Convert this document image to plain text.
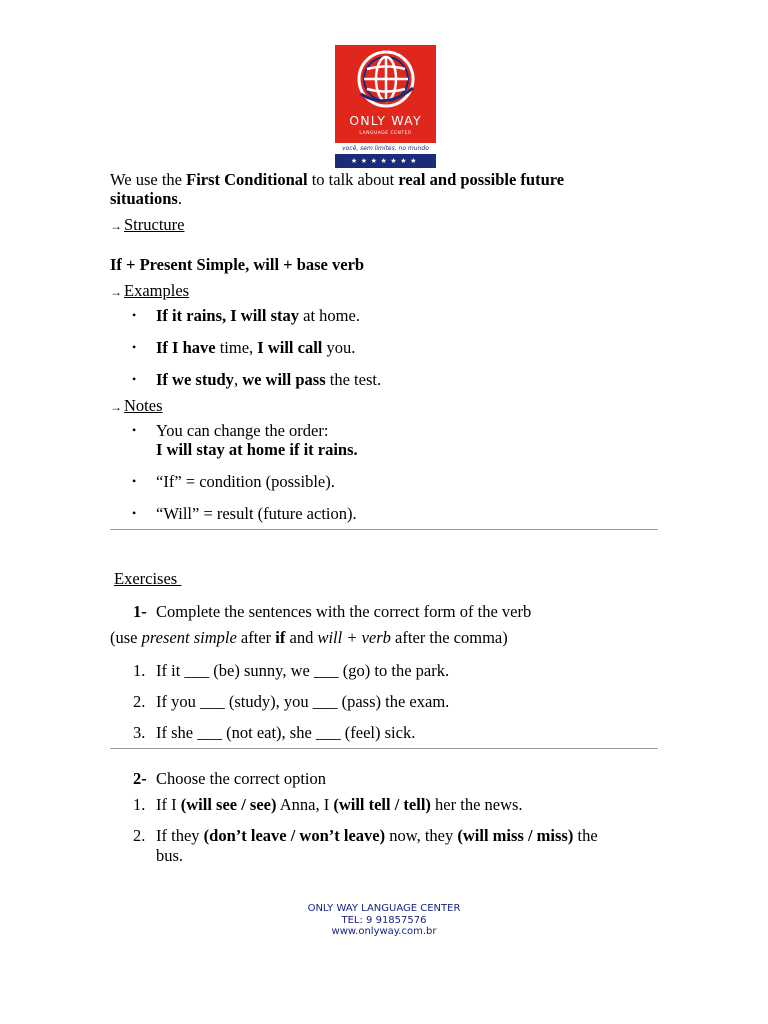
ONLY WAY
LANGUAGE CENTER
você, sem limites, no mundo
★★★★★★★
We use the First Conditional to talk about real and possible future
situations.
→ Structure
If + Present Simple, will + base verb
→ Examples
• If it rains, I will stay at home.
• If I have time, I will call you.
• If we study, we will pass the test.
→ Notes
• You can change the order:
I will stay at home if it rains.
• “If” = condition (possible).
• “Will” = result (future action).
Exercises
1- Complete the sentences with the correct form of the verb
(use present simple after if and will + verb after the comma)
1. If it ___ (be) sunny, we ___ (go) to the park.
2. If you ___ (study), you ___ (pass) the exam.
3. If she ___ (not eat), she ___ (feel) sick.
2- Choose the correct option
1. If I (will see / see) Anna, I (will tell / tell) her the news.
2. If they (don’t leave / won’t leave) now, they (will miss / miss) the
bus.
ONLY WAY LANGUAGE CENTER
TEL: 9 91857576
www.onlyway.com.br
